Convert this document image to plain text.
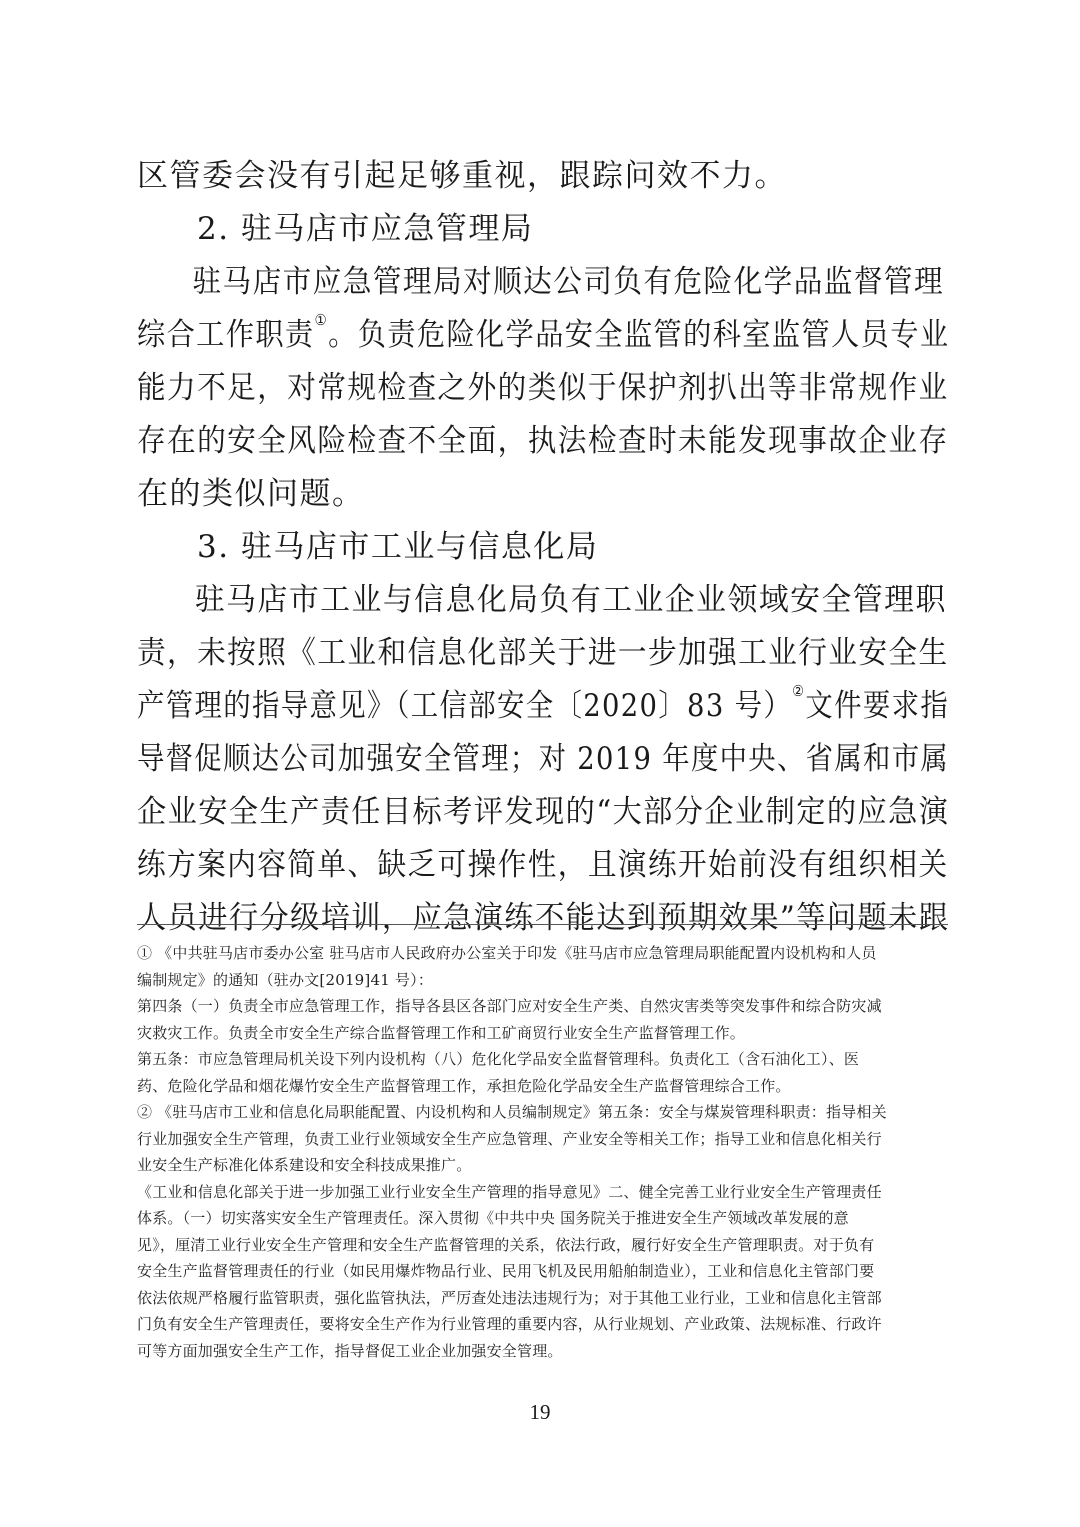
区管委会没有引起足够重视，跟踪问效不力。
2. 驻马店市应急管理局
驻马店市应急管理局对顺达公司负有危险化学品监督管理
综合工作职责①。负责危险化学品安全监管的科室监管人员专业
能力不足，对常规检查之外的类似于保护剂扒出等非常规作业
存在的安全风险检查不全面，执法检查时未能发现事故企业存
在的类似问题。
3. 驻马店市工业与信息化局
驻马店市工业与信息化局负有工业企业领域安全管理职
责，未按照《工业和信息化部关于进一步加强工业行业安全生
产管理的指导意见》（工信部安全〔2020〕83 号）②文件要求指
导督促顺达公司加强安全管理；对 2019 年度中央、省属和市属
企业安全生产责任目标考评发现的“大部分企业制定的应急演
练方案内容简单、缺乏可操作性，且演练开始前没有组织相关
人员进行分级培训，应急演练不能达到预期效果”等问题未跟
① 《中共驻马店市委办公室 驻马店市人民政府办公室关于印发《驻马店市应急管理局职能配置内设机构和人员
编制规定》的通知（驻办文[2019]41 号）：
第四条（一）负责全市应急管理工作，指导各县区各部门应对安全生产类、自然灾害类等突发事件和综合防灾减
灾救灾工作。负责全市安全生产综合监督管理工作和工矿商贸行业安全生产监督管理工作。
第五条：市应急管理局机关设下列内设机构（八）危化化学品安全监督管理科。负责化工（含石油化工）、医
药、危险化学品和烟花爆竹安全生产监督管理工作，承担危险化学品安全生产监督管理综合工作。
② 《驻马店市工业和信息化局职能配置、内设机构和人员编制规定》第五条：安全与煤炭管理科职责：指导相关
行业加强安全生产管理，负责工业行业领域安全生产应急管理、产业安全等相关工作；指导工业和信息化相关行
业安全生产标准化体系建设和安全科技成果推广。
《工业和信息化部关于进一步加强工业行业安全生产管理的指导意见》二、健全完善工业行业安全生产管理责任
体系。（一）切实落实安全生产管理责任。深入贯彻《中共中央 国务院关于推进安全生产领域改革发展的意
见》，厘清工业行业安全生产管理和安全生产监督管理的关系，依法行政，履行好安全生产管理职责。对于负有
安全生产监督管理责任的行业（如民用爆炸物品行业、民用飞机及民用船舶制造业），工业和信息化主管部门要
依法依规严格履行监管职责，强化监管执法，严厉查处违法违规行为；对于其他工业行业，工业和信息化主管部
门负有安全生产管理责任，要将安全生产作为行业管理的重要内容，从行业规划、产业政策、法规标准、行政许
可等方面加强安全生产工作，指导督促工业企业加强安全管理。
19
